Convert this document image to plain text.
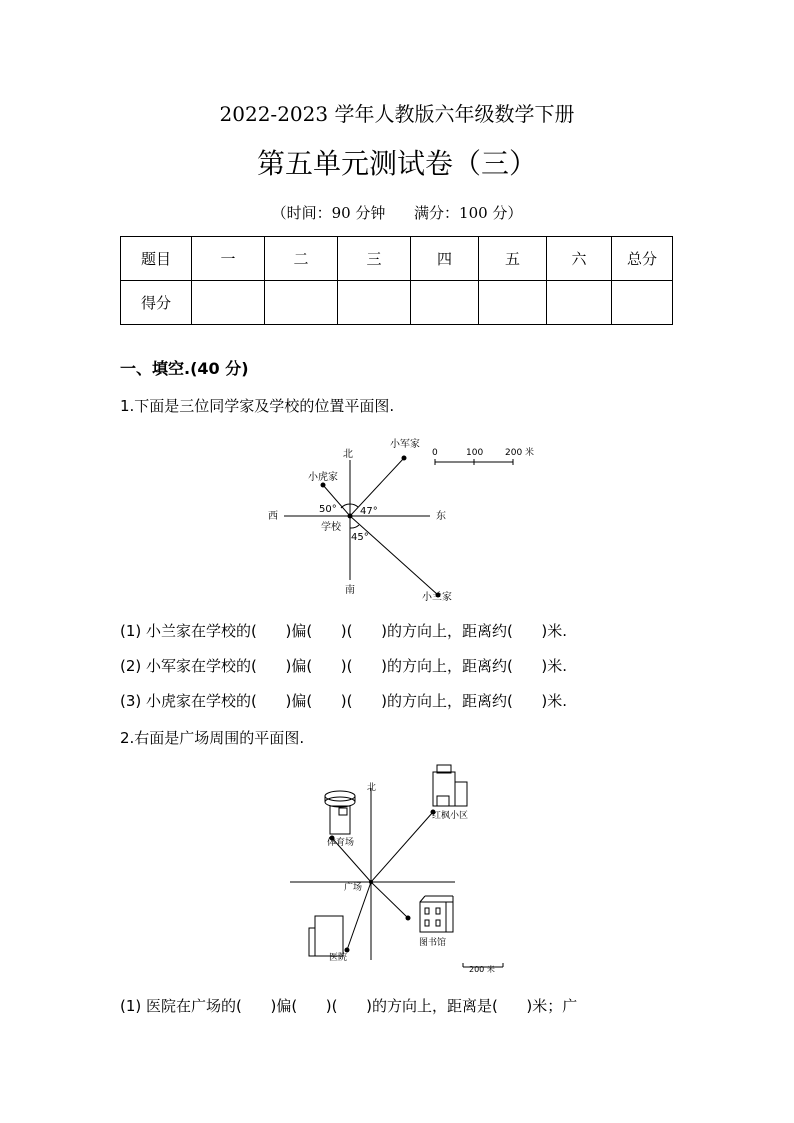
2022-2023 学年人教版六年级数学下册
第五单元测试卷（三）
（时间：90 分钟      满分：100 分）
题目	一	二	三	四	五	六	总分
得分							
一、填空.(40 分)
1.下面是三位同学家及学校的位置平面图.
北
南
西	东
学校
小虎家
小军家
50° 47°
45°
0	100 200 米
小兰家
(1) 小兰家在学校的(      )偏(      )(      )的方向上，距离约(      )米.
(2) 小军家在学校的(      )偏(      )(      )的方向上，距离约(      )米.
(3) 小虎家在学校的(      )偏(      )(      )的方向上，距离约(      )米.
2.右面是广场周围的平面图.
北
广场
体育场
红枫小区
图书馆
医院
200 米
(1) 医院在广场的(      )偏(      )(      )的方向上，距离是(      )米；广
